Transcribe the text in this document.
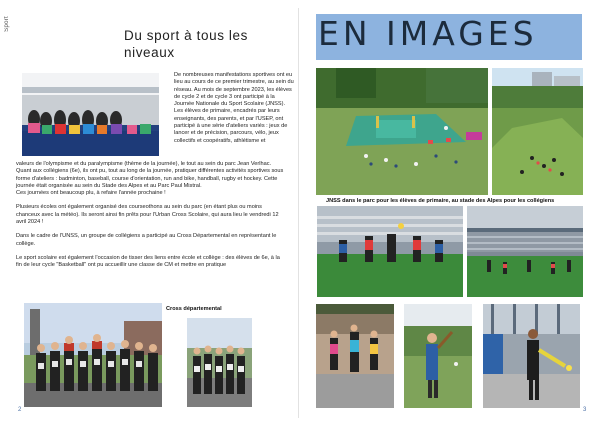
Sport
Du sport à tous les niveaux
De nombreuses manifestations sportives ont eu lieu au cours de ce premier trimestre, au sein du réseau. Au mois de septembre 2023, les élèves de cycle 2 et de cycle 3 ont participé à la Journée Nationale du Sport Scolaire (JNSS). Les élèves de primaire, encadrés par leurs enseignants, des parents, et par l'USEP, ont participé à une série d'ateliers variés : jeux de lancer et de précision, parcours, vélo, jeux collectifs et coopératifs, athlétisme et

valeurs de l'olympisme et du paralympisme (thème de la journée), le tout au sein du parc Jean Verlhac.

Quant aux collégiens (6e), ils ont pu, tout au long de la journée, pratiquer différentes activités sportives sous forme d'ateliers : badminton, baseball, course d'orientation, run and bike, handball, rugby et hockey. Cette journée était organisée au sein du Stade des Alpes et au Parc Paul Mistral.

Ces journées ont beaucoup plu, à refaire l'année prochaine !

Plusieurs écoles ont également organisé des courseothons au sein du parc (en étant plus ou moins chanceux avec la météo). Ils seront ainsi fin prêts pour l'Urban Cross Scolaire, qui aura lieu le vendredi 12 avril 2024 !

Dans le cadre de l'UNSS, un groupe de collégiens a participé au Cross Départemental en représentant le collège.

Le sport scolaire est également l'occasion de tisser des liens entre école et collège : des élèves de 6e, à la fin de leur cycle "Basketball" ont pu accueillir une classe de CM et mettre en pratique

Cross départemental
2
EN IMAGES
JNSS dans le parc pour les élèves de primaire, au stade des Alpes pour les collégiens
3
